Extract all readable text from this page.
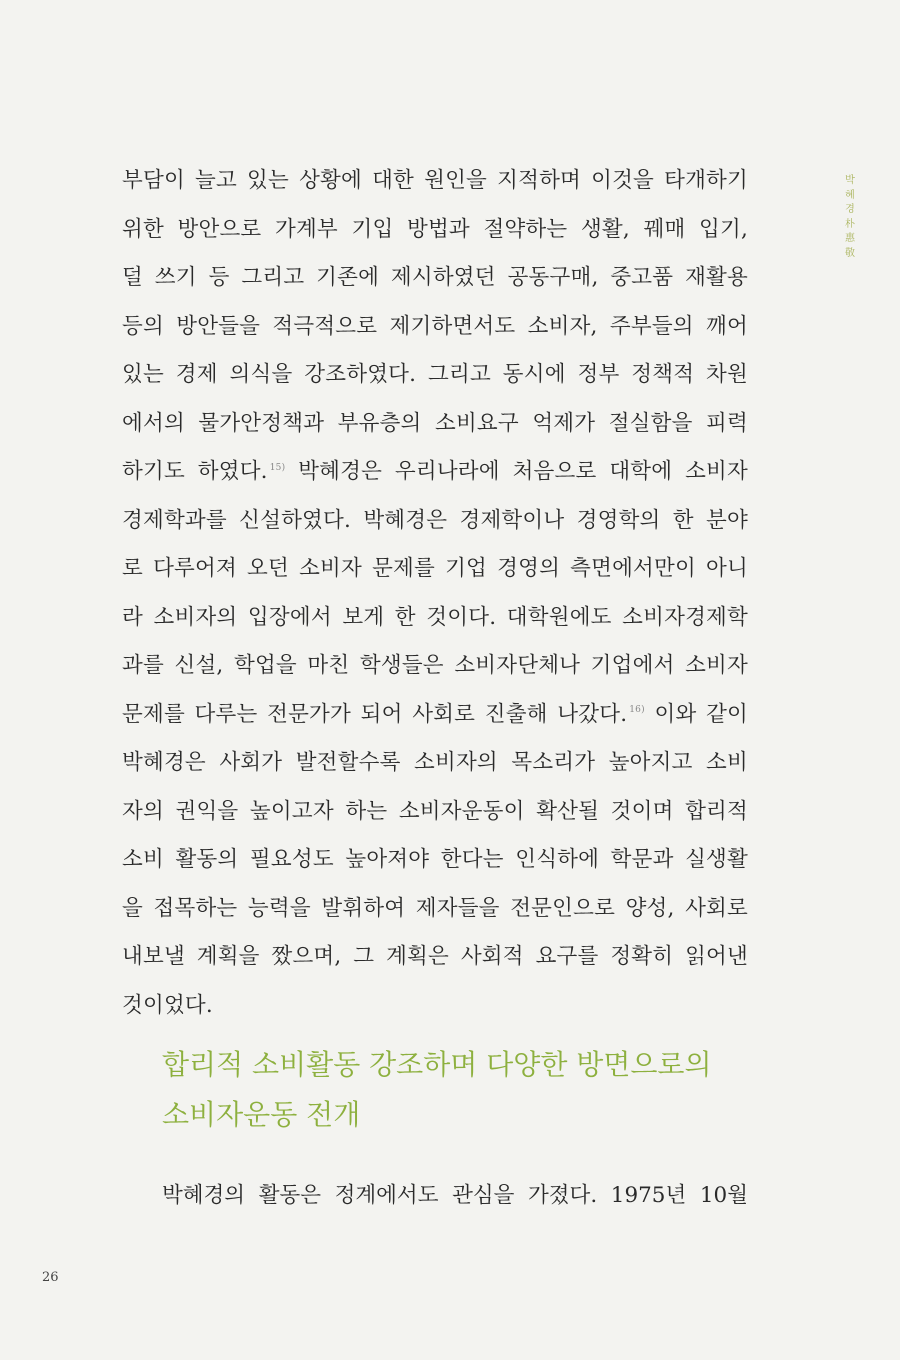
박혜경朴惠敬
부담이 늘고 있는 상황에 대한 원인을 지적하며 이것을 타개하기
위한 방안으로 가계부 기입 방법과 절약하는 생활, 꿰매 입기,
덜 쓰기 등 그리고 기존에 제시하였던 공동구매, 중고품 재활용
등의 방안들을 적극적으로 제기하면서도 소비자, 주부들의 깨어
있는 경제 의식을 강조하였다. 그리고 동시에 정부 정책적 차원
에서의 물가안정책과 부유층의 소비요구 억제가 절실함을 피력
하기도 하였다. $^{15)}$ 박혜경은 우리나라에 처음으로 대학에 소비자
경제학과를 신설하였다. 박혜경은 경제학이나 경영학의 한 분야
로 다루어져 오던 소비자 문제를 기업 경영의 측면에서만이 아니
라 소비자의 입장에서 보게 한 것이다. 대학원에도 소비자경제학
과를 신설, 학업을 마친 학생들은 소비자단체나 기업에서 소비자
문제를 다루는 전문가가 되어 사회로 진출해 나갔다. $^{16)}$ 이와 같이
박혜경은 사회가 발전할수록 소비자의 목소리가 높아지고 소비
자의 권익을 높이고자 하는 소비자운동이 확산될 것이며 합리적
소비 활동의 필요성도 높아져야 한다는 인식하에 학문과 실생활
을 접목하는 능력을 발휘하여 제자들을 전문인으로 양성, 사회로
내보낼 계획을 짰으며, 그 계획은 사회적 요구를 정확히 읽어낸
것이었다.
합리적 소비활동 강조하며 다양한 방면으로의
소비자운동 전개
박혜경의 활동은 정계에서도 관심을 가졌다. 1975년 10월
26
